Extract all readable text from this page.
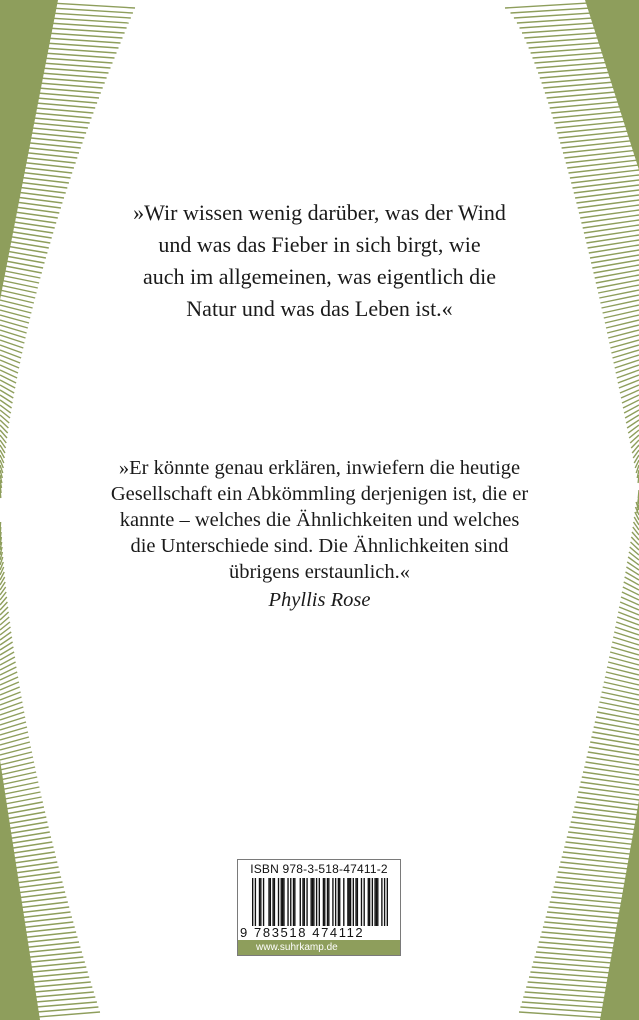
»Wir wissen wenig darüber, was der Wind
und was das Fieber in sich birgt, wie
auch im allgemeinen, was eigentlich die
Natur und was das Leben ist.«
»Er könnte genau erklären, inwiefern die heutige
Gesellschaft ein Abkömmling derjenigen ist, die er
kannte – welches die Ähnlichkeiten und welches
die Unterschiede sind. Die Ähnlichkeiten sind
übrigens erstaunlich.«
Phyllis Rose
ISBN 978-3-518-47411-2
9 783518 474112
www.suhrkamp.de
